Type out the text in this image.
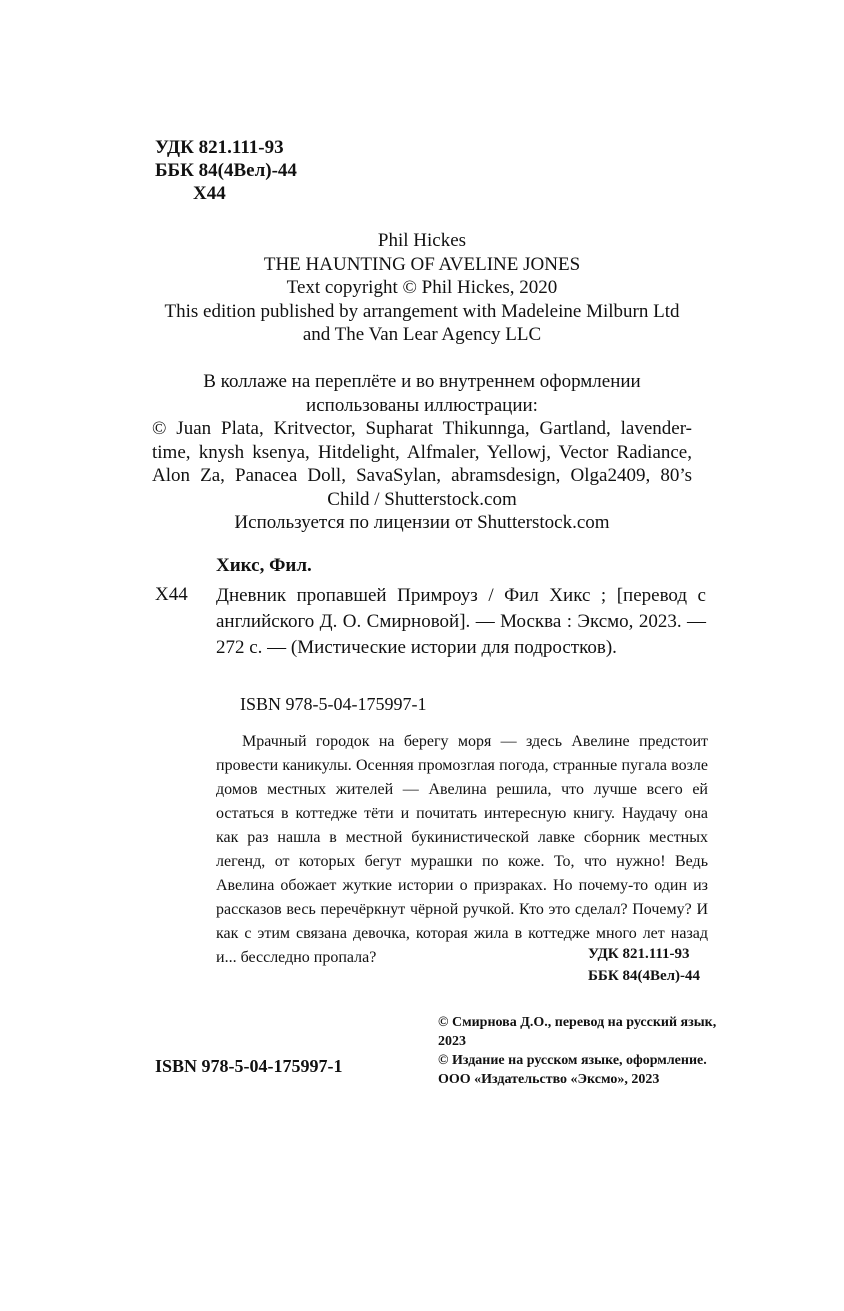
УДК 821.111-93
ББК 84(4Вел)-44
Х44
Phil Hickes
THE HAUNTING OF AVELINE JONES
Text copyright © Phil Hickes, 2020
This edition published by arrangement with Madeleine Milburn Ltd
and The Van Lear Agency LLC
В коллаже на переплёте и во внутреннем оформлении
использованы иллюстрации:
© Juan Plata, Kritvector, Supharat Thikunnga, Gartland, lavender-time, knysh ksenya, Hitdelight, Alfmaler, Yellowj, Vector Radiance, Alon Za, Panacea Doll, SavaSylan, abramsdesign, Olga2409, 80’s Child / Shutterstock.com
Используется по лицензии от Shutterstock.com
Хикс, Фил.
Х44 Дневник пропавшей Примроуз / Фил Хикс ; [перевод с английского Д. О. Смирновой]. — Москва : Эксмо, 2023. — 272 с. — (Мистические истории для подростков).
ISBN 978-5-04-175997-1
Мрачный городок на берегу моря — здесь Авелине предстоит провести каникулы. Осенняя промозглая погода, странные пугала возле домов местных жителей — Авелина решила, что лучше всего ей остаться в коттедже тёти и почитать интересную книгу. Наудачу она как раз нашла в местной букинистической лавке сборник местных легенд, от которых бегут мурашки по коже. То, что нужно! Ведь Авелина обожает жуткие истории о призраках. Но почему-то один из рассказов весь перечёркнут чёрной ручкой. Кто это сделал? Почему? И как с этим связана девочка, которая жила в коттедже много лет назад и... бесследно пропала?	УДК 821.111-93
ББК 84(4Вел)-44
© Смирнова Д.О., перевод на русский язык, 2023
© Издание на русском языке, оформление. ООО «Издательство «Эксмо», 2023
ISBN 978-5-04-175997-1
